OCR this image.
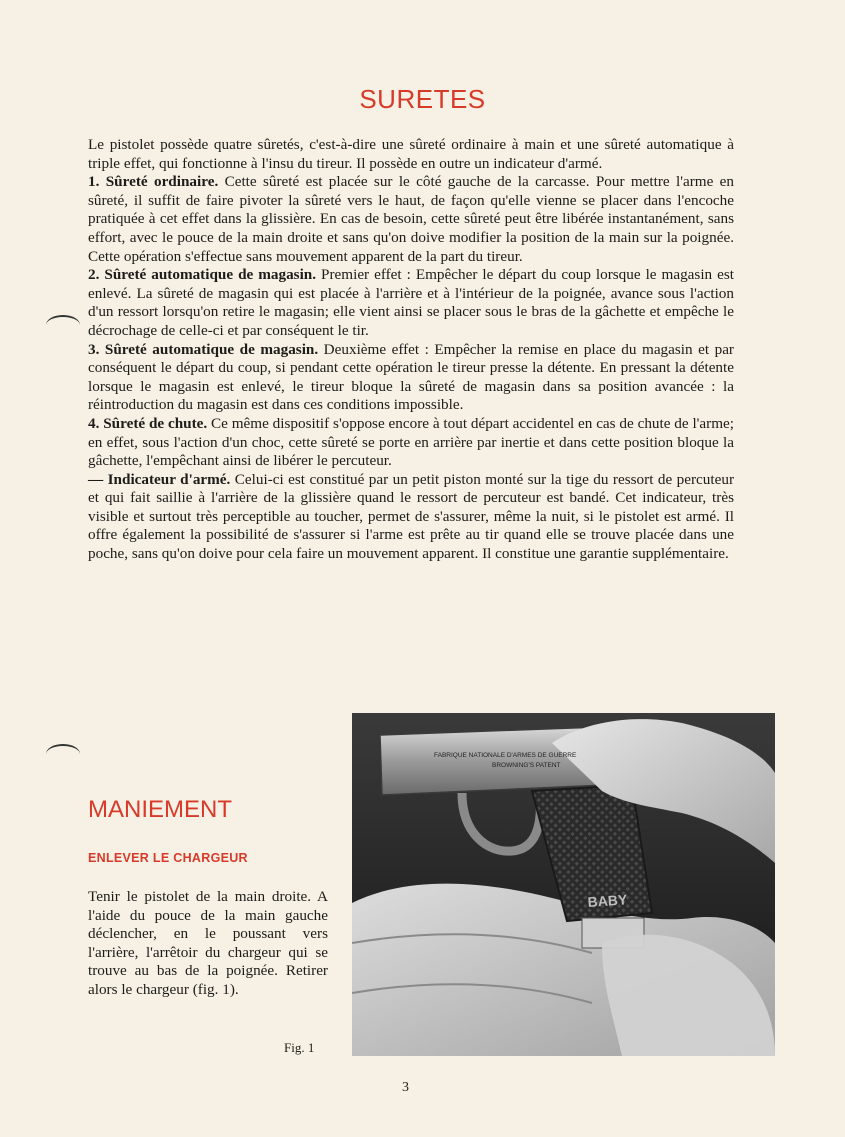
SURETES

Le pistolet possède quatre sûretés, c'est-à-dire une sûreté ordinaire à main et une sûreté automatique à triple effet, qui fonctionne à l'insu du tireur. Il possède en outre un indicateur d'armé.

1. Sûreté ordinaire. Cette sûreté est placée sur le côté gauche de la carcasse. Pour mettre l'arme en sûreté, il suffit de faire pivoter la sûreté vers le haut, de façon qu'elle vienne se placer dans l'encoche pratiquée à cet effet dans la glissière. En cas de besoin, cette sûreté peut être libérée instantanément, sans effort, avec le pouce de la main droite et sans qu'on doive modifier la position de la main sur la poignée. Cette opération s'effectue sans mouvement apparent de la part du tireur.

2. Sûreté automatique de magasin. Premier effet : Empêcher le départ du coup lorsque le magasin est enlevé. La sûreté de magasin qui est placée à l'arrière et à l'intérieur de la poignée, avance sous l'action d'un ressort lorsqu'on retire le magasin; elle vient ainsi se placer sous le bras de la gâchette et empêche le décrochage de celle-ci et par conséquent le tir.

3. Sûreté automatique de magasin. Deuxième effet : Empêcher la remise en place du magasin et par conséquent le départ du coup, si pendant cette opération le tireur presse la détente. En pressant la détente lorsque le magasin est enlevé, le tireur bloque la sûreté de magasin dans sa position avancée : la réintroduction du magasin est dans ces conditions impossible.

4. Sûreté de chute. Ce même dispositif s'oppose encore à tout départ accidentel en cas de chute de l'arme; en effet, sous l'action d'un choc, cette sûreté se porte en arrière par inertie et dans cette position bloque la gâchette, l'empêchant ainsi de libérer le percuteur.

— Indicateur d'armé. Celui-ci est constitué par un petit piston monté sur la tige du ressort de percuteur et qui fait saillie à l'arrière de la glissière quand le ressort de percuteur est bandé. Cet indicateur, très visible et surtout très perceptible au toucher, permet de s'assurer, même la nuit, si le pistolet est armé. Il offre également la possibilité de s'assurer si l'arme est prête au tir quand elle se trouve placée dans une poche, sans qu'on doive pour cela faire un mouvement apparent. Il constitue une garantie supplémentaire.

MANIEMENT
ENLEVER LE CHARGEUR
Tenir le pistolet de la main droite. A l'aide du pouce de la main gauche déclencher, en le poussant vers l'arrière, l'arrêtoir du chargeur qui se trouve au bas de la poignée. Retirer alors le chargeur (fig. 1).
FABRIQUE NATIONALE D'ARMES DE GUERRE
BROWNING'S PATENT
BABY
Fig. 1
3
